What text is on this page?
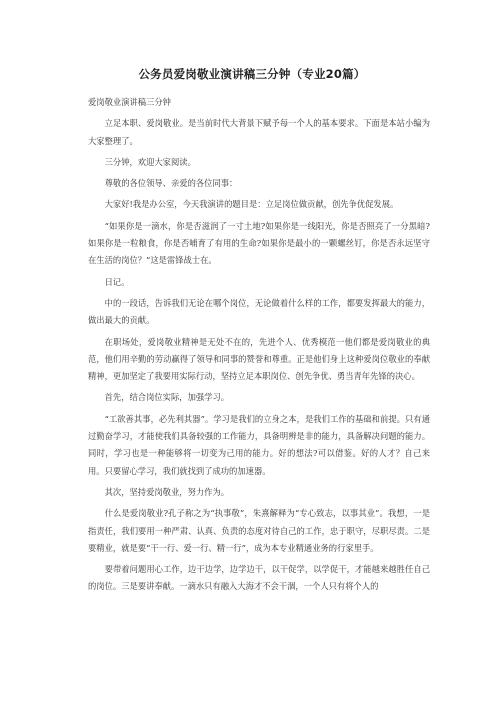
公务员爱岗敬业演讲稿三分钟（专业20篇）

爱岗敬业演讲稿三分钟

立足本职、爱岗敬业。是当前时代大背景下赋予每一个人的基本要求。下面是本站小编为大家整理了。

三分钟，欢迎大家阅读。

尊敬的各位领导、亲爱的各位同事：

大家好!我是办公室，今天我演讲的题目是：立足岗位做贡献，创先争优促发展。

“如果你是一滴水，你是否滋润了一寸土地?如果你是一线阳光，你是否照亮了一分黑暗?如果你是一粒粮食，你是否哺育了有用的生命?如果你是最小的一颗螺丝钉，你是否永远坚守在生活的岗位？”这是雷锋战士在。

日记。

中的一段话，告诉我们无论在哪个岗位，无论做着什么样的工作，都要发挥最大的能力，做出最大的贡献。

在职场处，爱岗敬业精神是无处不在的，先进个人、优秀模范一他们都是爱岗敬业的典范，他们用辛勤的劳动赢得了领导和同事的赞誉和尊重。正是他们身上这种爱岗位敬业的奉献精神，更加坚定了我要用实际行动，坚持立足本职岗位、创先争优、勇当青年先锋的决心。

首先，结合岗位实际，加强学习。

“工欲善其事，必先利其器”。学习是我们的立身之本，是我们工作的基础和前提。只有通过勤奋学习，才能使我们具备较强的工作能力，具备明辨是非的能力，具备解决问题的能力。同时，学习也是一种能够将一切变为己用的能力。好的想法?可以借鉴。好的人才？自己来用。只要留心学习，我们就找到了成功的加速器。

其次，坚持爱岗敬业，努力作为。

什么是爱岗敬业?孔子称之为“执事敬”，朱熹解释为“专心致志，以事其业”。我想，一是指责任，我们要用一种严肃、认真、负责的态度对待自己的工作，忠于职守，尽职尽责。二是要精业，就是要“干一行、爱一行、精一行”，成为本专业精通业务的行家里手。

要带着问题用心工作，边干边学，边学边干，以干促学，以学促干，才能越来越胜任自己的岗位。三是要讲奉献。一滴水只有融入大海才不会干涸，一个人只有将个人的
